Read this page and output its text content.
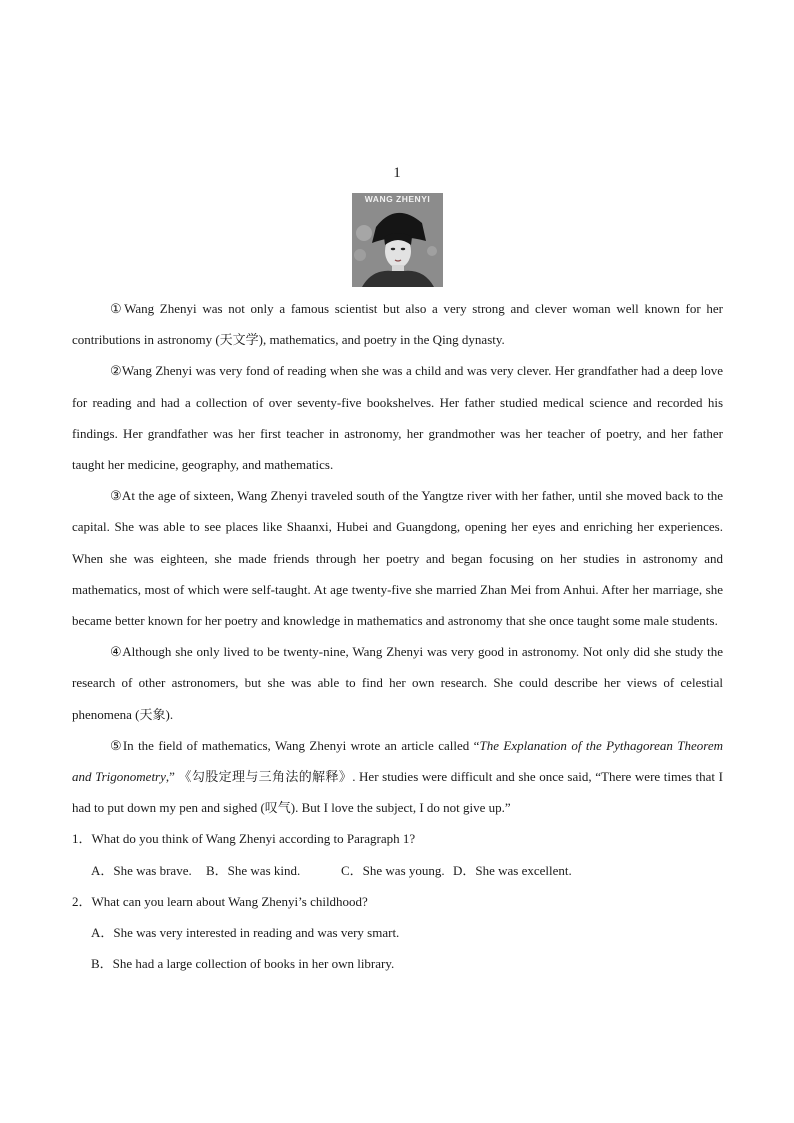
1
WANG ZHENYI

①Wang Zhenyi was not only a famous scientist but also a very strong and clever woman well known for her contributions in astronomy (天文学), mathematics, and poetry in the Qing dynasty.

②Wang Zhenyi was very fond of reading when she was a child and was very clever. Her grandfather had a deep love for reading and had a collection of over seventy-five bookshelves. Her father studied medical science and recorded his findings. Her grandfather was her first teacher in astronomy, her grandmother was her teacher of poetry, and her father taught her medicine, geography, and mathematics.

③At the age of sixteen, Wang Zhenyi traveled south of the Yangtze river with her father, until she moved back to the capital. She was able to see places like Shaanxi, Hubei and Guangdong, opening her eyes and enriching her experiences. When she was eighteen, she made friends through her poetry and began focusing on her studies in astronomy and mathematics, most of which were self-taught. At age twenty-five she married Zhan Mei from Anhui. After her marriage, she became better known for her poetry and knowledge in mathematics and astronomy that she once taught some male students.

④Although she only lived to be twenty-nine, Wang Zhenyi was very good in astronomy. Not only did she study the research of other astronomers, but she was able to find her own research. She could describe her views of celestial phenomena (天象).

⑤In the field of mathematics, Wang Zhenyi wrote an article called “The Explanation of the Pythagorean Theorem and Trigonometry,” 《勾股定理与三角法的解释》. Her studies were difficult and she once said, “There were times that I had to put down my pen and sighed (叹气). But I love the subject, I do not give up.”

1．What do you think of Wang Zhenyi according to Paragraph 1?

A．She was brave. B．She was kind.	C．She was young. D．She was excellent.

2．What can you learn about Wang Zhenyi’s childhood?

A．She was very interested in reading and was very smart.

B．She had a large collection of books in her own library.
